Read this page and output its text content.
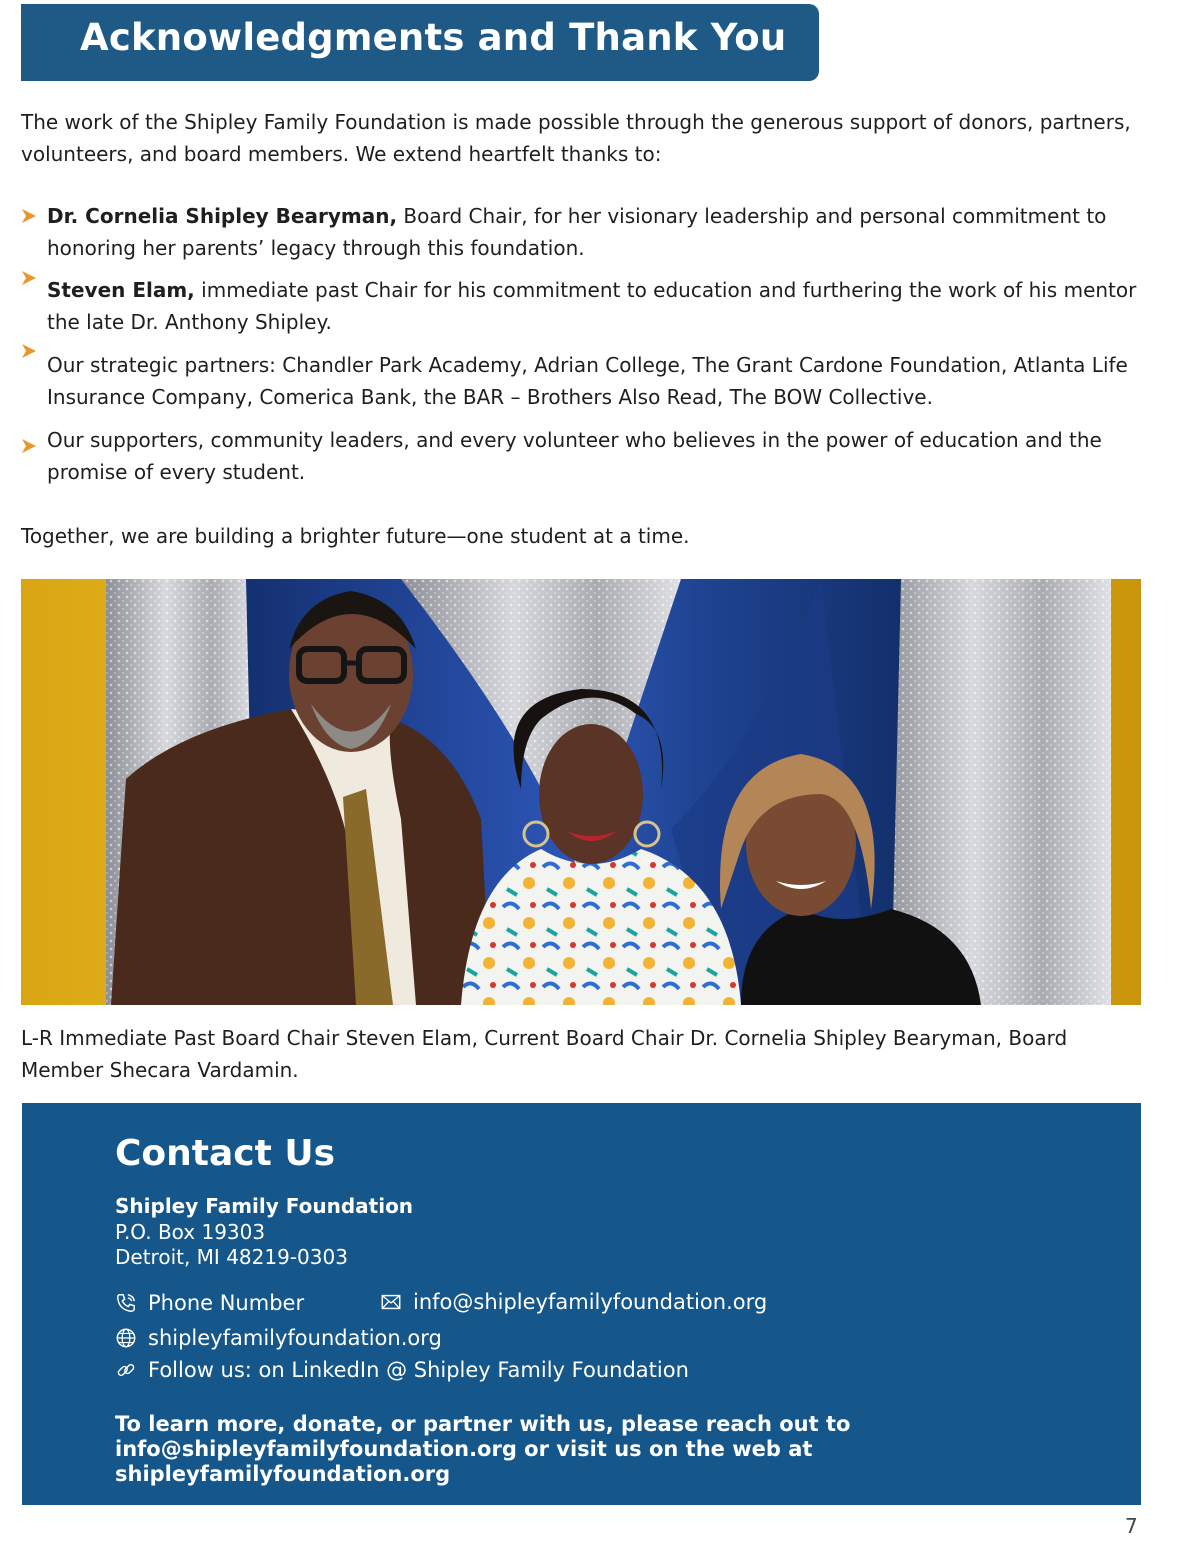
Acknowledgments and Thank You

The work of the Shipley Family Foundation is made possible through the generous support of donors, partners, volunteers, and board members. We extend heartfelt thanks to:

Dr. Cornelia Shipley Bearyman, Board Chair, for her visionary leadership and personal commitment to honoring her parents’ legacy through this foundation.
Steven Elam, immediate past Chair for his commitment to education and furthering the work of his mentor the late Dr. Anthony Shipley.
Our strategic partners: Chandler Park Academy, Adrian College, The Grant Cardone Foundation, Atlanta Life Insurance Company, Comerica Bank, the BAR – Brothers Also Read, The BOW Collective.
Our supporters, community leaders, and every volunteer who believes in the power of education and the promise of every student.

Together, we are building a brighter future—one student at a time.

L-R Immediate Past Board Chair Steven Elam, Current Board Chair Dr. Cornelia Shipley Bearyman, Board Member Shecara Vardamin.

Contact Us
Shipley Family Foundation
P.O. Box 19303
Detroit, MI 48219-0303
Phone Number	info@shipleyfamilyfoundation.org
shipleyfamilyfoundation.org
Follow us: on LinkedIn @ Shipley Family Foundation

To learn more, donate, or partner with us, please reach out to
info@shipleyfamilyfoundation.org or visit us on the web at shipleyfamilyfoundation.org

7
